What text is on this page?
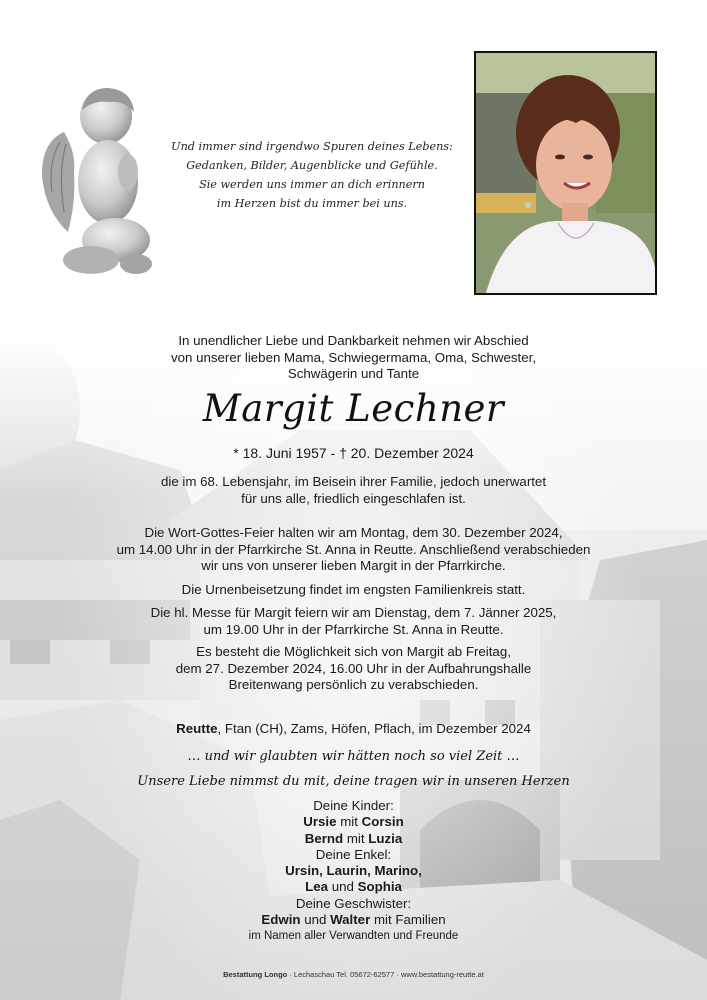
Und immer sind irgendwo Spuren deines Lebens:
Gedanken, Bilder, Augenblicke und Gefühle.
Sie werden uns immer an dich erinnern
im Herzen bist du immer bei uns.
In unendlicher Liebe und Dankbarkeit nehmen wir Abschied
von unserer lieben Mama, Schwiegermama, Oma, Schwester,
Schwägerin und Tante
Margit Lechner
* 18. Juni 1957 - † 20. Dezember 2024
die im 68. Lebensjahr, im Beisein ihrer Familie, jedoch unerwartet
für uns alle, friedlich eingeschlafen ist.
Die Wort-Gottes-Feier halten wir am Montag, dem 30. Dezember 2024,
um 14.00 Uhr in der Pfarrkirche St. Anna in Reutte. Anschließend verabschieden
wir uns von unserer lieben Margit in der Pfarrkirche.
Die Urnenbeisetzung findet im engsten Familienkreis statt.
Die hl. Messe für Margit feiern wir am Dienstag, dem 7. Jänner 2025,
um 19.00 Uhr in der Pfarrkirche St. Anna in Reutte.
Es besteht die Möglichkeit sich von Margit ab Freitag,
dem 27. Dezember 2024, 16.00 Uhr in der Aufbahrungshalle
Breitenwang persönlich zu verabschieden.
Reutte, Ftan (CH), Zams, Höfen, Pflach, im Dezember 2024
… und wir glaubten wir hätten noch so viel Zeit …
Unsere Liebe nimmst du mit, deine tragen wir in unseren Herzen
Deine Kinder:
Ursie mit Corsin
Bernd mit Luzia
Deine Enkel:
Ursin, Laurin, Marino,
Lea und Sophia
Deine Geschwister:
Edwin und Walter mit Familien
im Namen aller Verwandten und Freunde
Bestattung Longo · Lechaschau Tel. 05672-62577 · www.bestattung-reutte.at
